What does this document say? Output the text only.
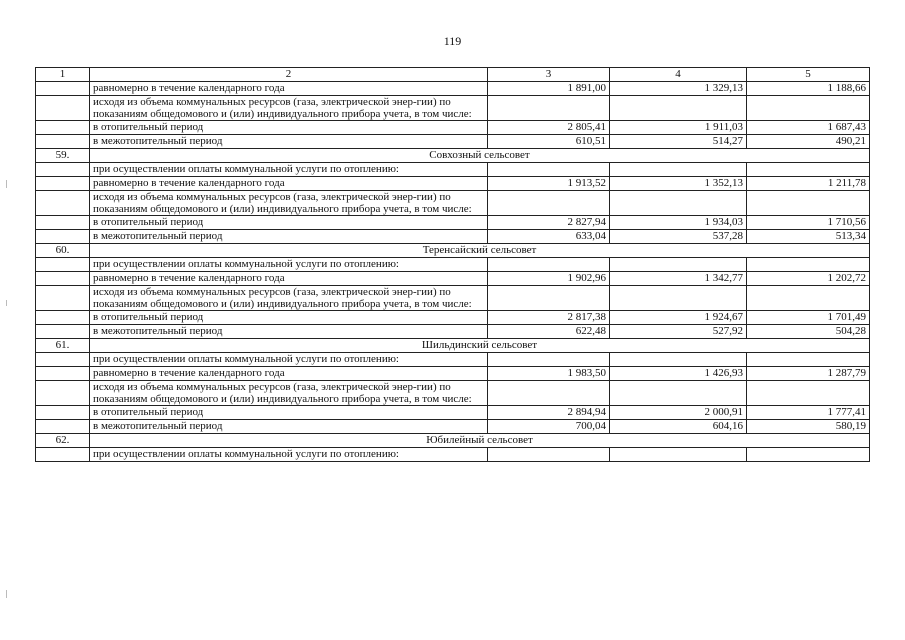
119
1	2	3	4	5
	равномерно в течение календарного года	1 891,00	1 329,13	1 188,66
	исходя из объема коммунальных ресурсов (газа, электрической энер-гии) по показаниям общедомового и (или) индивидуального прибора учета, в том числе:			
	в отопительный период	2 805,41	1 911,03	1 687,43
	в межотопительный период	610,51	514,27	490,21
59.	Совхозный сельсовет			
	при осуществлении оплаты коммунальной услуги по отоплению:			
	равномерно в течение календарного года	1 913,52	1 352,13	1 211,78
	исходя из объема коммунальных ресурсов (газа, электрической энер-гии) по показаниям общедомового и (или) индивидуального прибора учета, в том числе:			
	в отопительный период	2 827,94	1 934,03	1 710,56
	в межотопительный период	633,04	537,28	513,34
60.	Теренсайский сельсовет			
	при осуществлении оплаты коммунальной услуги по отоплению:			
	равномерно в течение календарного года	1 902,96	1 342,77	1 202,72
	исходя из объема коммунальных ресурсов (газа, электрической энер-гии) по показаниям общедомового и (или) индивидуального прибора учета, в том числе:			
	в отопительный период	2 817,38	1 924,67	1 701,49
	в межотопительный период	622,48	527,92	504,28
61.	Шильдинский сельсовет			
	при осуществлении оплаты коммунальной услуги по отоплению:			
	равномерно в течение календарного года	1 983,50	1 426,93	1 287,79
	исходя из объема коммунальных ресурсов (газа, электрической энер-гии) по показаниям общедомового и (или) индивидуального прибора учета, в том числе:			
	в отопительный период	2 894,94	2 000,91	1 777,41
	в межотопительный период	700,04	604,16	580,19
62.	Юбилейный сельсовет			
	при осуществлении оплаты коммунальной услуги по отоплению:			
